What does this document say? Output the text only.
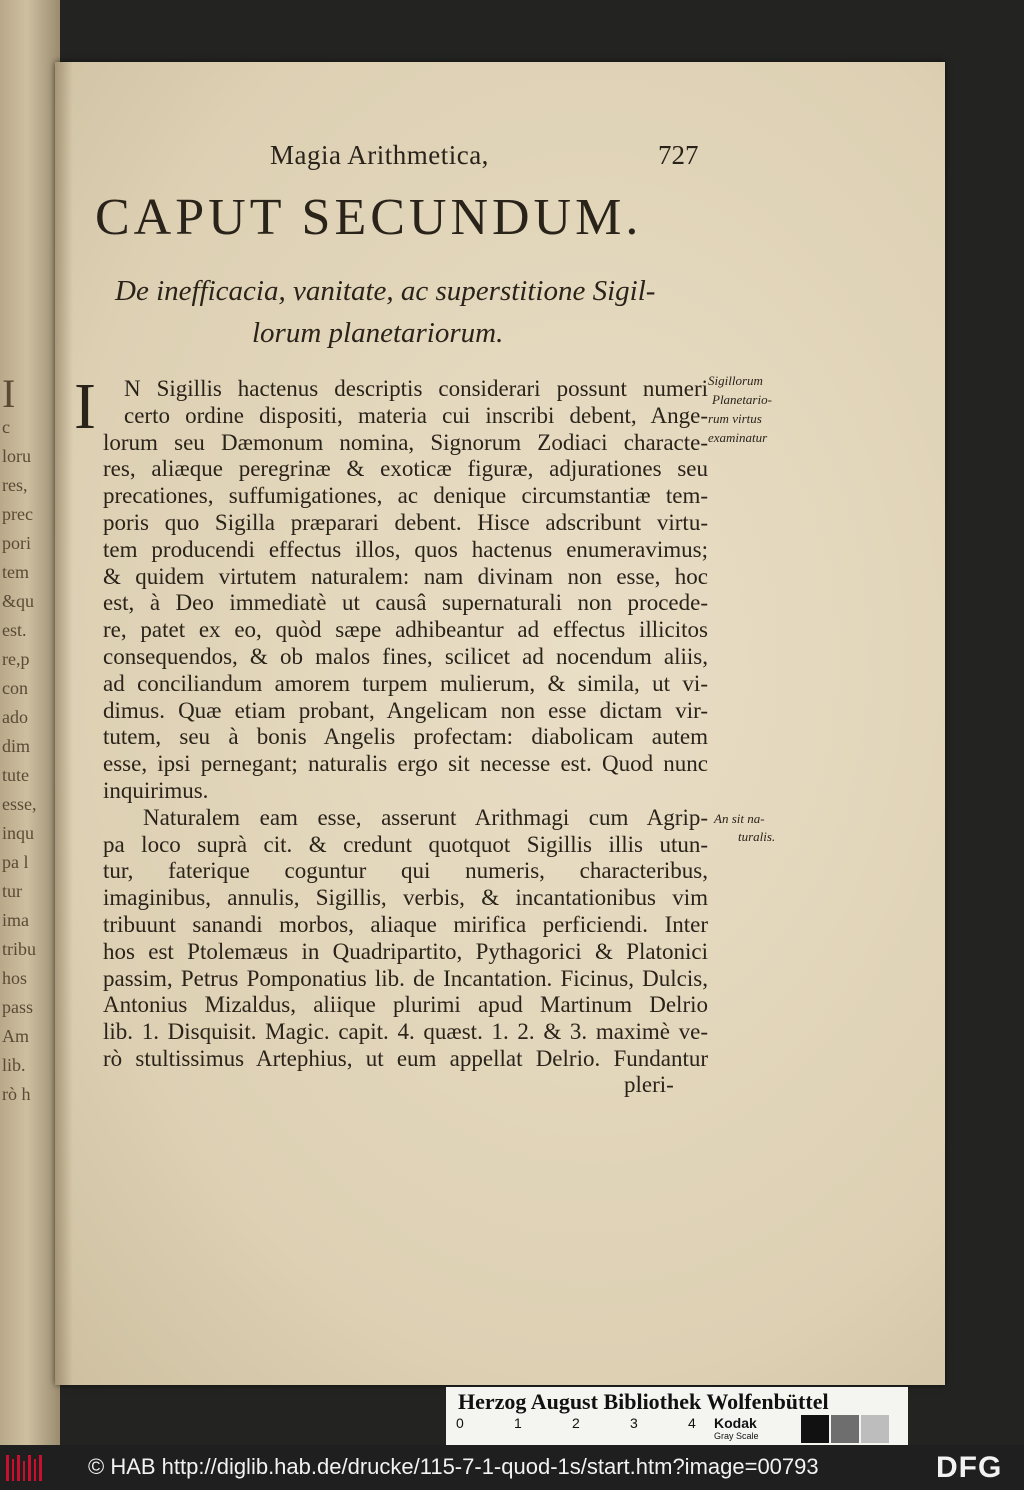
I
c
loru
res,
prec
pori
tem
&qu
est.
re,p
con
ado
dim
tute
esse,
inqu
pa l
tur
ima
tribu
hos
pass
Am
lib.
rò h
Magia Arithmetica,	727
CAPUT SECUNDUM.
De inefficacia, vanitate, ac superstitione Sigil-
lorum planetariorum.
I N Sigillis hactenus descriptis considerari possunt numeri
certo ordine dispositi, materia cui inscribi debent, Ange-
lorum seu Dæmonum nomina, Signorum Zodiaci characte-
res, aliæque peregrinæ & exoticæ figuræ, adjurationes seu
precationes, suffumigationes, ac denique circumstantiæ tem-
poris quo Sigilla præparari debent. Hisce adscribunt virtu-
tem producendi effectus illos, quos hactenus enumeravimus;
& quidem virtutem naturalem: nam divinam non esse, hoc
est, à Deo immediatè ut causâ supernaturali non procede-
re, patet ex eo, quòd sæpe adhibeantur ad effectus illicitos
consequendos, & ob malos fines, scilicet ad nocendum aliis,
ad conciliandum amorem turpem mulierum, & simila, ut vi-
dimus. Quæ etiam probant, Angelicam non esse dictam vir-
tutem, seu à bonis Angelis profectam: diabolicam autem
esse, ipsi pernegant; naturalis ergo sit necesse est. Quod nunc
inquirimus.
Naturalem eam esse, asserunt Arithmagi cum Agrip-
pa loco suprà cit. & credunt quotquot Sigillis illis utun-
tur, faterique coguntur qui numeris, characteribus,
imaginibus, annulis, Sigillis, verbis, & incantationibus vim
tribuunt sanandi morbos, aliaque mirifica perficiendi. Inter
hos est Ptolemæus in Quadripartito, Pythagorici & Platonici
passim, Petrus Pomponatius lib. de Incantation. Ficinus, Dulcis,
Antonius Mizaldus, aliique plurimi apud Martinum Delrio
lib. 1. Disquisit. Magic. capit. 4. quæst. 1. 2. & 3. maximè ve-
rò stultissimus Artephius, ut eum appellat Delrio. Fundantur
pleri-
Sigillorum
Planetario-
rum virtus
examinatur
An sit na-
turalis.
Herzog August Bibliothek Wolfenbüttel
0	1	2	3	4 Kodak
Gray Scale
© HAB http://diglib.hab.de/drucke/115-7-1-quod-1s/start.htm?image=00793	DFG
